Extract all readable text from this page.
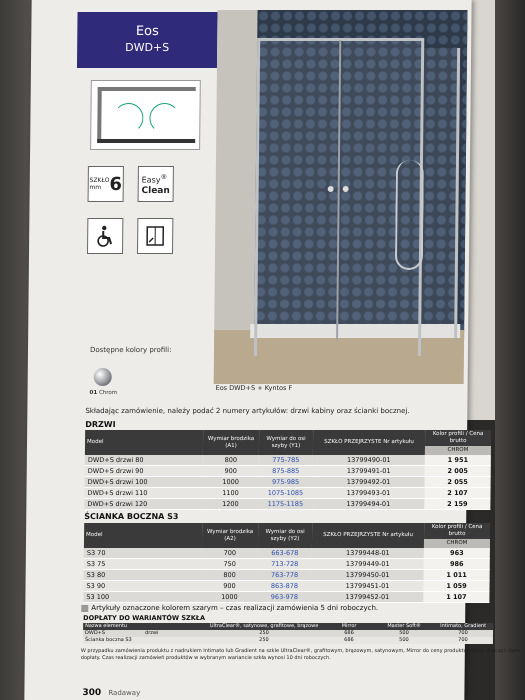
Eos
DWD+S
SZKŁO
mm 6 Easy®
Clean
Dostępne kolory profili:
01 Chrom
Eos DWD+S + Kyntos F
Składając zamówienie, należy podać 2 numery artykułów: drzwi kabiny oraz ścianki bocznej.
DRZWI
Model	Wymiar brodzika (A1)	Wymiar do osi szyby (Y1)	SZKŁO PRZEJRZYSTE Nr artykułu	Kolor profili / Cena brutto
				CHROM
DWD+S drzwi 80	800	775-785	13799490-01	1 951
DWD+S drzwi 90	900	875-885	13799491-01	2 005
DWD+S drzwi 100	1000	975-985	13799492-01	2 055
DWD+S drzwi 110	1100	1075-1085	13799493-01	2 107
DWD+S drzwi 120	1200	1175-1185	13799494-01	2 159
ŚCIANKA BOCZNA S3
Model	Wymiar brodzika (A2)	Wymiar do osi szyby (Y2)	SZKŁO PRZEJRZYSTE Nr artykułu	Kolor profili / Cena brutto
				CHROM
S3 70	700	663-678	13799448-01	963
S3 75	750	713-728	13799449-01	986
S3 80	800	763-778	13799450-01	1 011
S3 90	900	863-878	13799451-01	1 059
S3 100	1000	963-978	13799452-01	1 107
Artykuły oznaczone kolorem szarym – czas realizacji zamówienia 5 dni roboczych.
DOPŁATY DO WARIANTÓW SZKŁA
Nazwa elementu	UltraClear®, satynowe, grafitowe, brązowe	Mirror	Master Soft®	Intimato, Gradient
DWD+S	drzwi	250	686	500	700
Ścianka boczna S3	250	686	500	700
W przypadku zamówienia produktu z nadrukiem Intimato lub Gradient na szkle UltraClear®, grafitowym, brązowym, satynowym, Mirror do ceny produktu należy doliczyć dwie dopłaty. Czas realizacji zamówień produktów w wybranym wariancie szkła wynosi 10 dni roboczych.
300 Radaway
